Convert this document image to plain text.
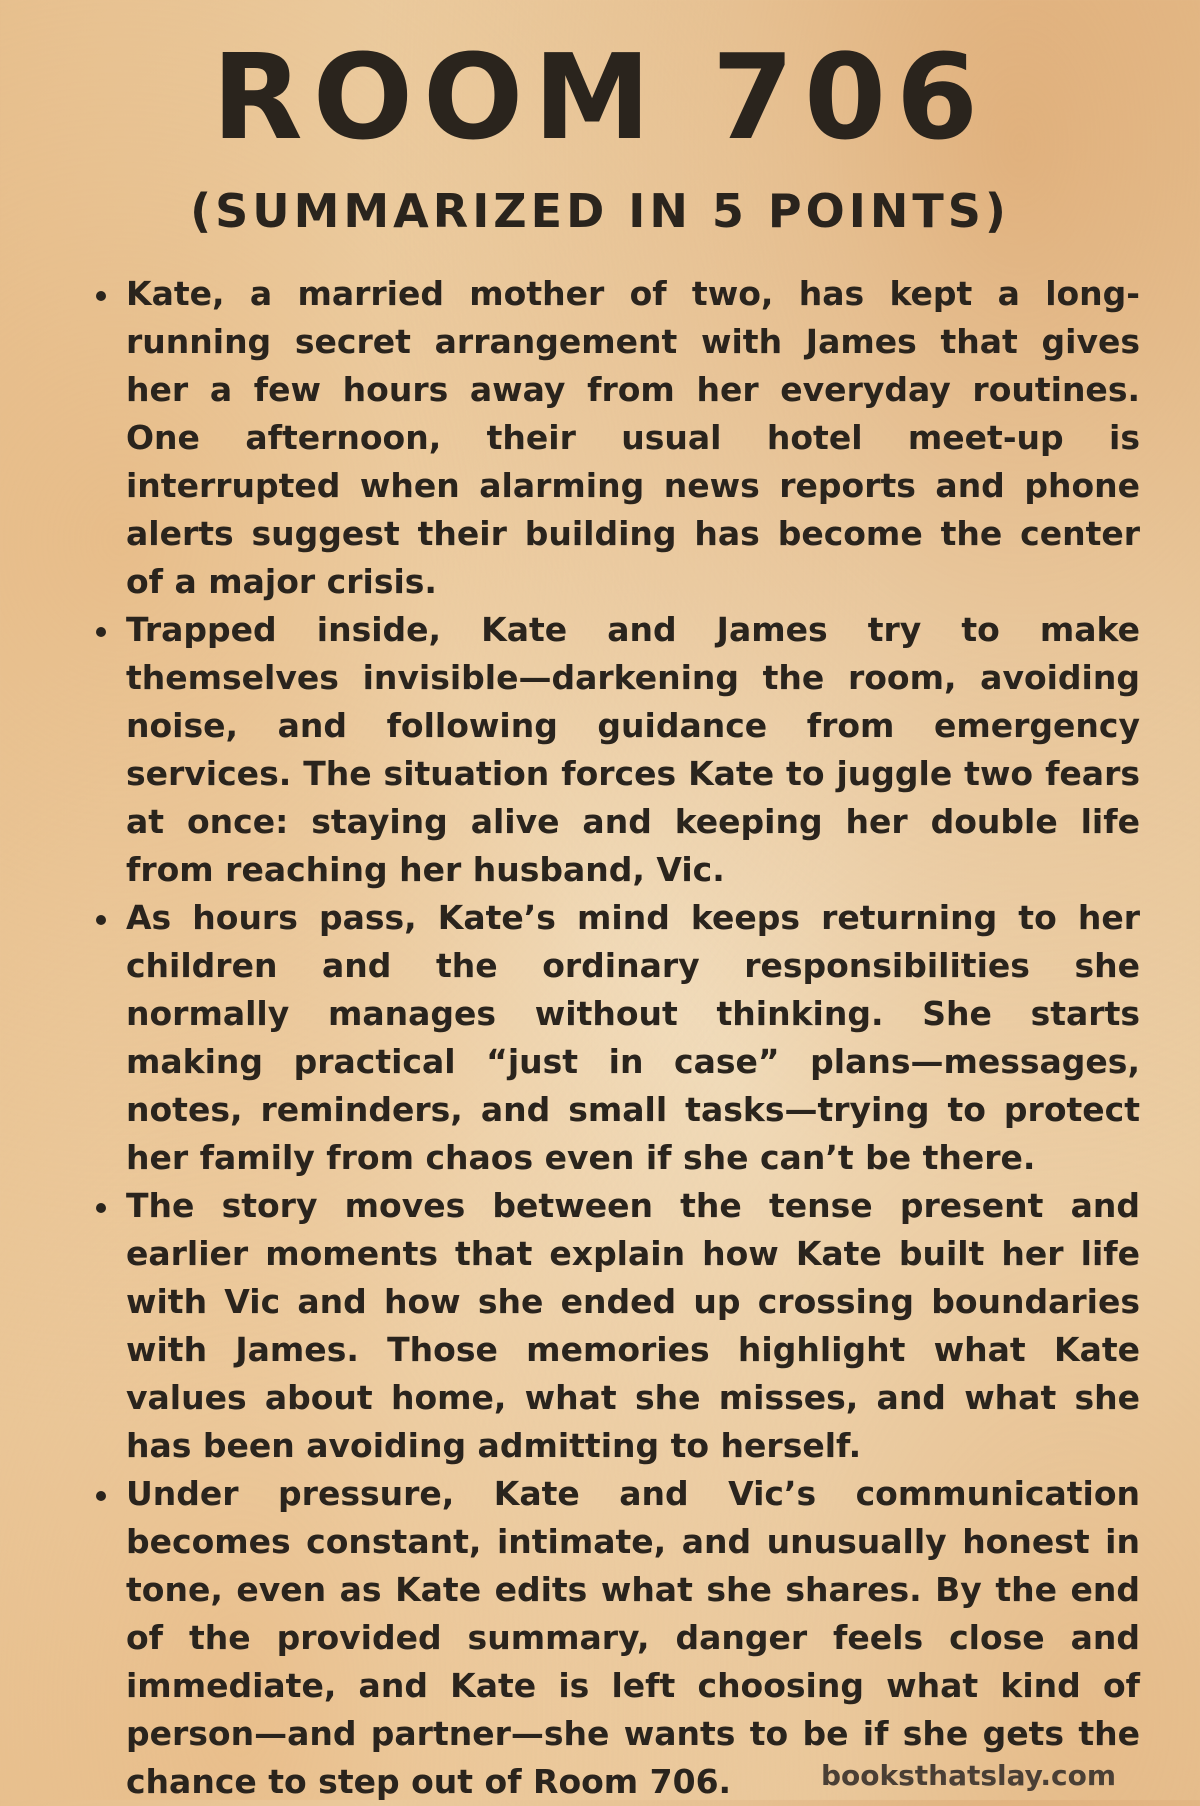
ROOM 706
(SUMMARIZED IN 5 POINTS)
Kate, a married mother of two, has kept a long-running secret arrangement with James that gives her a few hours away from her everyday routines. One afternoon, their usual hotel meet-up is interrupted when alarming news reports and phone alerts suggest their building has become the center of a major crisis.
Trapped inside, Kate and James try to make themselves invisible—darkening the room, avoiding noise, and following guidance from emergency services. The situation forces Kate to juggle two fears at once: staying alive and keeping her double life from reaching her husband, Vic.
As hours pass, Kate’s mind keeps returning to her children and the ordinary responsibilities she normally manages without thinking. She starts making practical “just in case” plans—messages, notes, reminders, and small tasks—trying to protect her family from chaos even if she can’t be there.
The story moves between the tense present and earlier moments that explain how Kate built her life with Vic and how she ended up crossing boundaries with James. Those memories highlight what Kate values about home, what she misses, and what she has been avoiding admitting to herself.
Under pressure, Kate and Vic’s communication becomes constant, intimate, and unusually honest in tone, even as Kate edits what she shares. By the end of the provided summary, danger feels close and immediate, and Kate is left choosing what kind of person—and partner—she wants to be if she gets the chance to step out of Room 706.	booksthatslay.com
